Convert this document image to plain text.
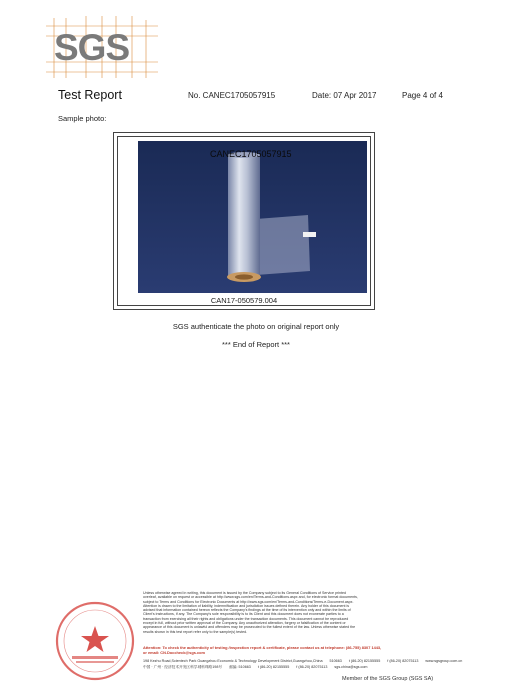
SGS
Test Report	No. CANEC1705057915	Date: 07 Apr 2017	Page 4 of 4
Sample photo:
CANEC1705057915
CAN17-050579.004
SGS authenticate the photo on original report only
*** End of Report ***
Unless otherwise agreed in writing, this document is issued by the Company subject to its General Conditions of Service printed
overleaf, available on request or accessible at http://www.sgs.com/en/Terms-and-Conditions.aspx and, for electronic format documents,
subject to Terms and Conditions for Electronic Documents at http://www.sgs.com/en/Terms-and-Conditions/Terms-e-Document.aspx.
Attention is drawn to the limitation of liability, indemnification and jurisdiction issues defined therein. Any holder of this document is
advised that information contained hereon reflects the Company's findings at the time of its intervention only and within the limits of
Client's instructions, if any. The Company's sole responsibility is to its Client and this document does not exonerate parties to a
transaction from exercising all their rights and obligations under the transaction documents. This document cannot be reproduced
except in full, without prior written approval of the Company. Any unauthorized alteration, forgery or falsification of the content or
appearance of this document is unlawful and offenders may be prosecuted to the fullest extent of the law. Unless otherwise stated the
results shown in this test report refer only to the sample(s) tested.
Attention: To check the authenticity of testing /inspection report & certificate, please contact us at telephone: (86-755) 8307 1443,
or email: CN.Doccheck@sgs.com
198 Kezhu Road,Scientech Park Guangzhou Economic & Technology Development District,Guangzhou,China 510663 t (86-20) 82155555 f (86-20) 82075113 www.sgsgroup.com.cn
中国 · 广州 · 经济技术开发区科学城科珠路198号 邮编: 510663 t (86-20) 82155555 f (86-20) 82075113 sgs.china@sgs.com
Member of the SGS Group (SGS SA)
